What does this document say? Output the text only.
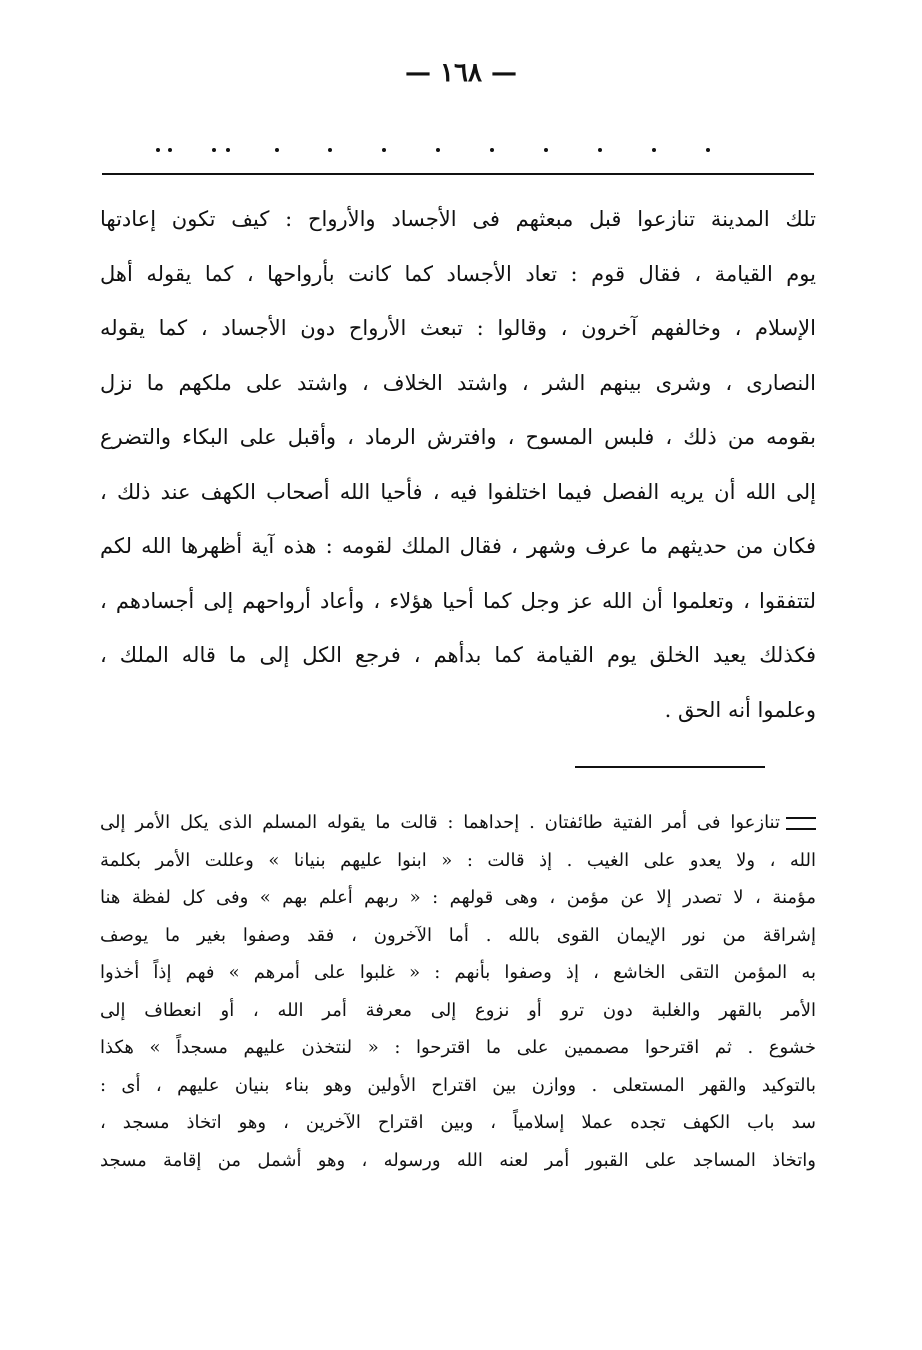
— ١٦٨ —
تلك المدينة تنازعوا قبل مبعثهم فى الأجساد والأرواح : كيف تكون إعادتها
يوم القيامة ، فقال قوم : تعاد الأجساد كما كانت بأرواحها ، كما يقوله أهل
الإسلام ، وخالفهم آخرون ، وقالوا : تبعث الأرواح دون الأجساد ، كما يقوله
النصارى ، وشرى بينهم الشر ، واشتد الخلاف ، واشتد على ملكهم ما نزل
بقومه من ذلك ، فلبس المسوح ، وافترش الرماد ، وأقبل على البكاء والتضرع
إلى الله أن يريه الفصل فيما اختلفوا فيه ، فأحيا الله أصحاب الكهف عند ذلك ،
فكان من حديثهم ما عرف وشهر ، فقال الملك لقومه : هذه آية أظهرها الله لكم
لتتفقوا ، وتعلموا أن الله عز وجل كما أحيا هؤلاء ، وأعاد أرواحهم إلى أجسادهم ،
فكذلك يعيد الخلق يوم القيامة كما بدأهم ، فرجع الكل إلى ما قاله الملك ،
وعلموا أنه الحق .
تنازعوا فى أمر الفتية طائفتان . إحداهما : قالت ما يقوله المسلم الذى يكل الأمر إلى
الله ، ولا يعدو على الغيب . إذ قالت : « ابنوا عليهم بنيانا » وعللت الأمر بكلمة
مؤمنة ، لا تصدر إلا عن مؤمن ، وهى قولهم : « ربهم أعلم بهم » وفى كل لفظة هنا
إشراقة من نور الإيمان القوى بالله . أما الآخرون ، فقد وصفوا بغير ما يوصف
به المؤمن التقى الخاشع ، إذ وصفوا بأنهم : « غلبوا على أمرهم » فهم إذاً أخذوا
الأمر بالقهر والغلبة دون ترو أو نزوع إلى معرفة أمر الله ، أو انعطاف إلى
خشوع . ثم اقترحوا مصممين على ما اقترحوا : « لنتخذن عليهم مسجداً » هكذا
بالتوكيد والقهر المستعلى . ووازن بين اقتراح الأولين وهو بناء بنيان عليهم ، أى :
سد باب الكهف تجده عملا إسلامياً ، وبين اقتراح الآخرين ، وهو اتخاذ مسجد ،
واتخاذ المساجد على القبور أمر لعنه الله ورسوله ، وهو أشمل من إقامة مسجد
